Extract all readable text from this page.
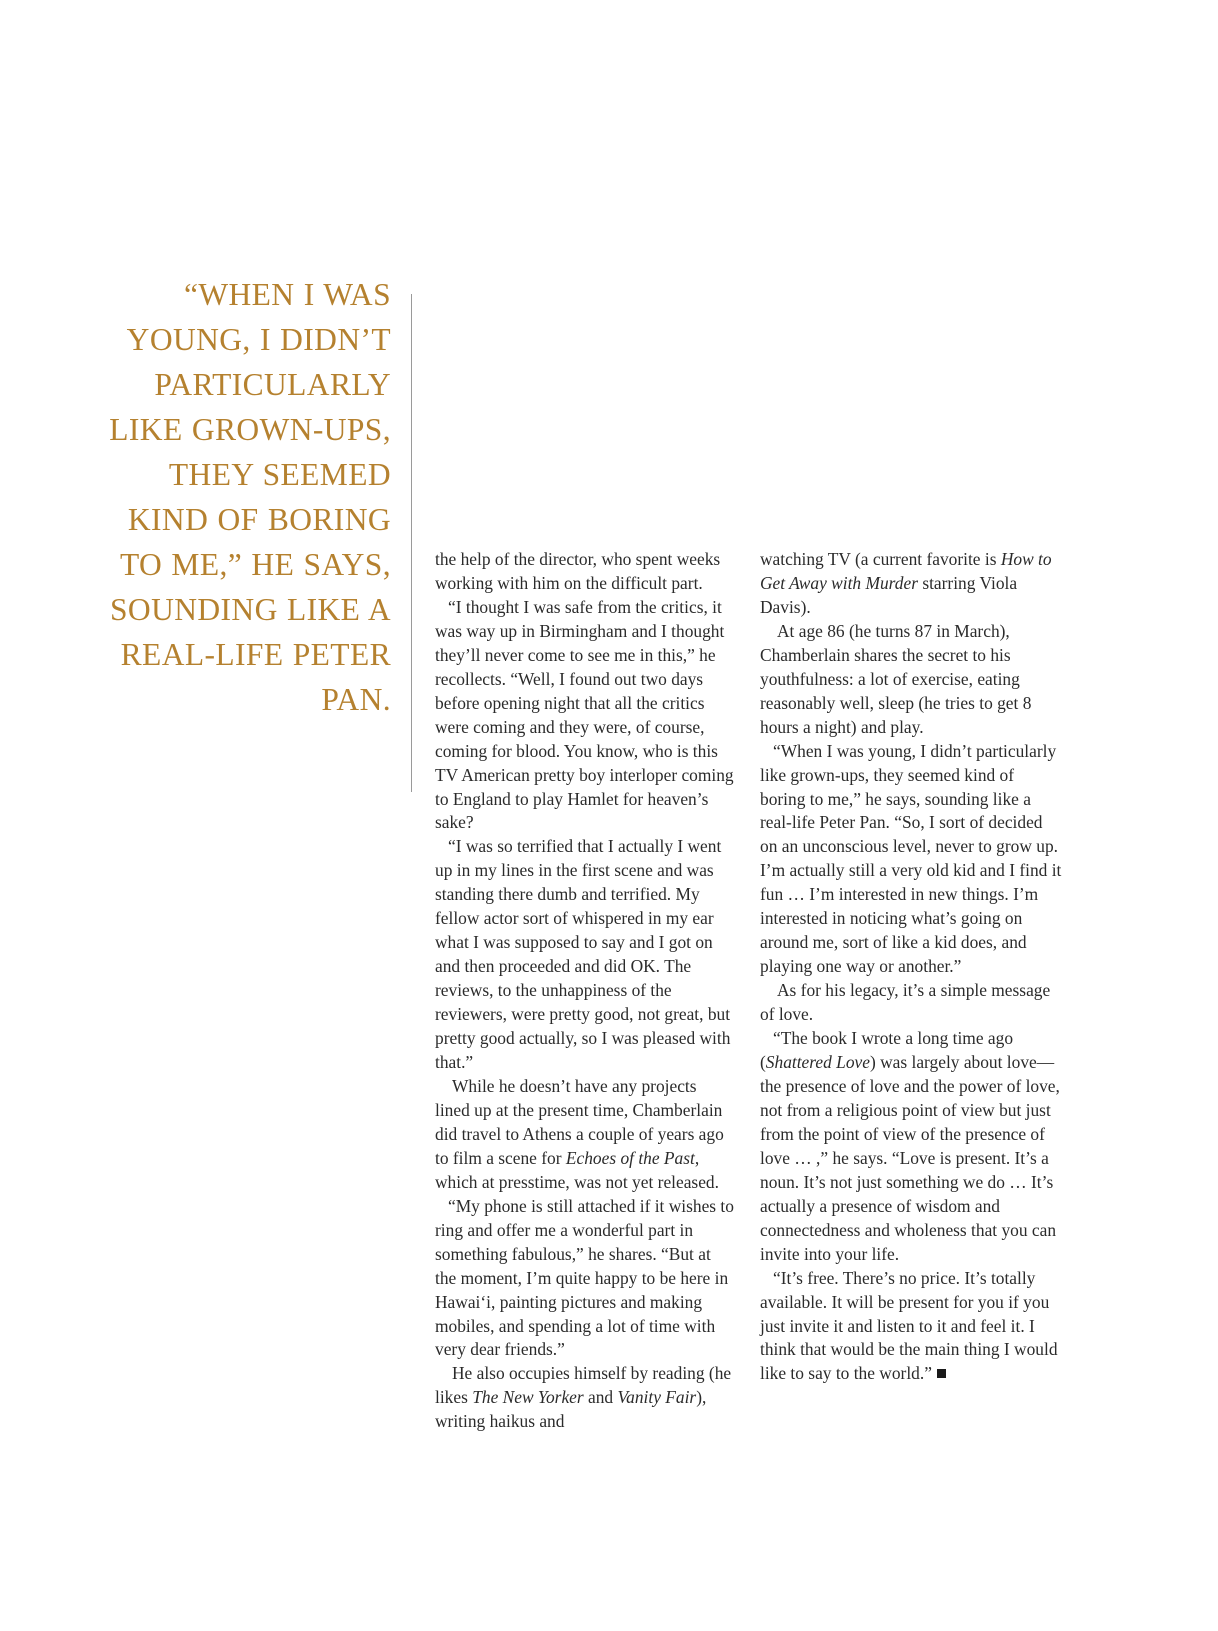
“WHEN I WAS YOUNG, I DIDN’T PARTICULARLY LIKE GROWN-UPS, THEY SEEMED KIND OF BORING TO ME,” HE SAYS, SOUNDING LIKE A REAL-LIFE PETER PAN.

the help of the director, who spent weeks working with him on the difficult part.

“I thought I was safe from the critics, it was way up in Birmingham and I thought they’ll never come to see me in this,” he recollects. “Well, I found out two days before opening night that all the critics were coming and they were, of course, coming for blood. You know, who is this TV American pretty boy interloper coming to England to play Hamlet for heaven’s sake?

“I was so terrified that I actually I went up in my lines in the first scene and was standing there dumb and terrified. My fellow actor sort of whispered in my ear what I was supposed to say and I got on and then proceeded and did OK. The reviews, to the unhappiness of the reviewers, were pretty good, not great, but pretty good actually, so I was pleased with that.”

While he doesn’t have any projects lined up at the present time, Chamberlain did travel to Athens a couple of years ago to film a scene for Echoes of the Past, which at presstime, was not yet released.

“My phone is still attached if it wishes to ring and offer me a wonderful part in something fabulous,” he shares. “But at the moment, I’m quite happy to be here in Hawaiʻi, painting pictures and making mobiles, and spending a lot of time with very dear friends.”

He also occupies himself by reading (he likes The New Yorker and Vanity Fair), writing haikus and

watching TV (a current favorite is How to Get Away with Murder starring Viola Davis).

At age 86 (he turns 87 in March), Chamberlain shares the secret to his youthfulness: a lot of exercise, eating reasonably well, sleep (he tries to get 8 hours a night) and play.

“When I was young, I didn’t particularly like grown-ups, they seemed kind of boring to me,” he says, sounding like a real-life Peter Pan. “So, I sort of decided on an unconscious level, never to grow up. I’m actually still a very old kid and I find it fun … I’m interested in new things. I’m interested in noticing what’s going on around me, sort of like a kid does, and playing one way or another.”

As for his legacy, it’s a simple message of love.

“The book I wrote a long time ago (Shattered Love) was largely about love—the presence of love and the power of love, not from a religious point of view but just from the point of view of the presence of love … ,” he says. “Love is present. It’s a noun. It’s not just something we do … It’s actually a presence of wisdom and connectedness and wholeness that you can invite into your life.

“It’s free. There’s no price. It’s totally available. It will be present for you if you just invite it and listen to it and feel it. I think that would be the main thing I would like to say to the world.”
